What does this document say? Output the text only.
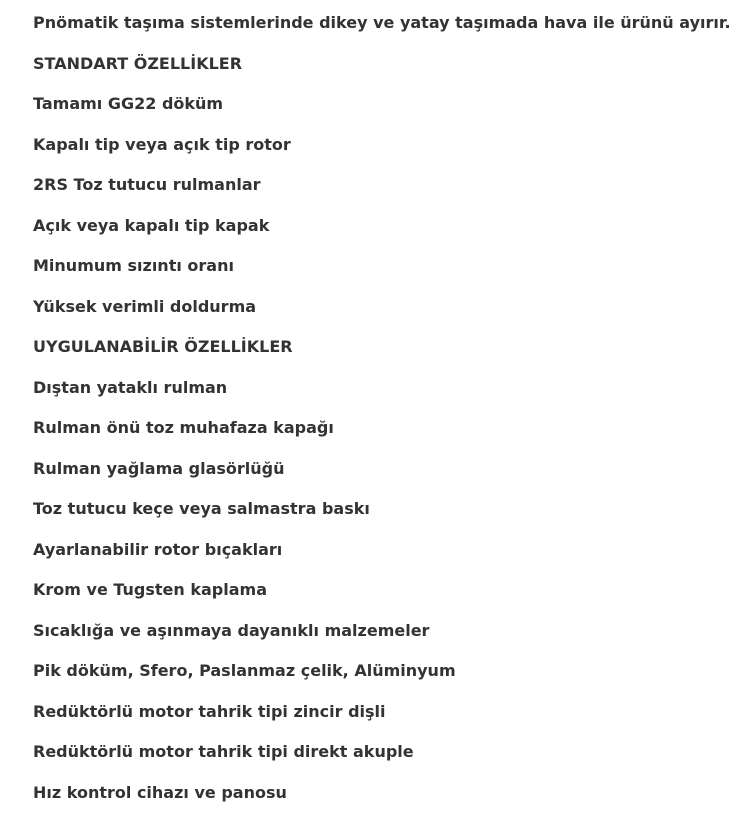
Pnömatik taşıma sistemlerinde dikey ve yatay taşımada hava ile ürünü ayırır.
STANDART ÖZELLİKLER
Tamamı GG22 döküm
Kapalı tip veya açık tip rotor
2RS Toz tutucu rulmanlar
Açık veya kapalı tip kapak
Minumum sızıntı oranı
Yüksek verimli doldurma
UYGULANABİLİR ÖZELLİKLER
Dıştan yataklı rulman
Rulman önü toz muhafaza kapağı
Rulman yağlama glasörlüğü
Toz tutucu keçe veya salmastra baskı
Ayarlanabilir rotor bıçakları
Krom ve Tugsten kaplama
Sıcaklığa ve aşınmaya dayanıklı malzemeler
Pik döküm, Sfero, Paslanmaz çelik, Alüminyum
Redüktörlü motor tahrik tipi zincir dişli
Redüktörlü motor tahrik tipi direkt akuple
Hız kontrol cihazı ve panosu
